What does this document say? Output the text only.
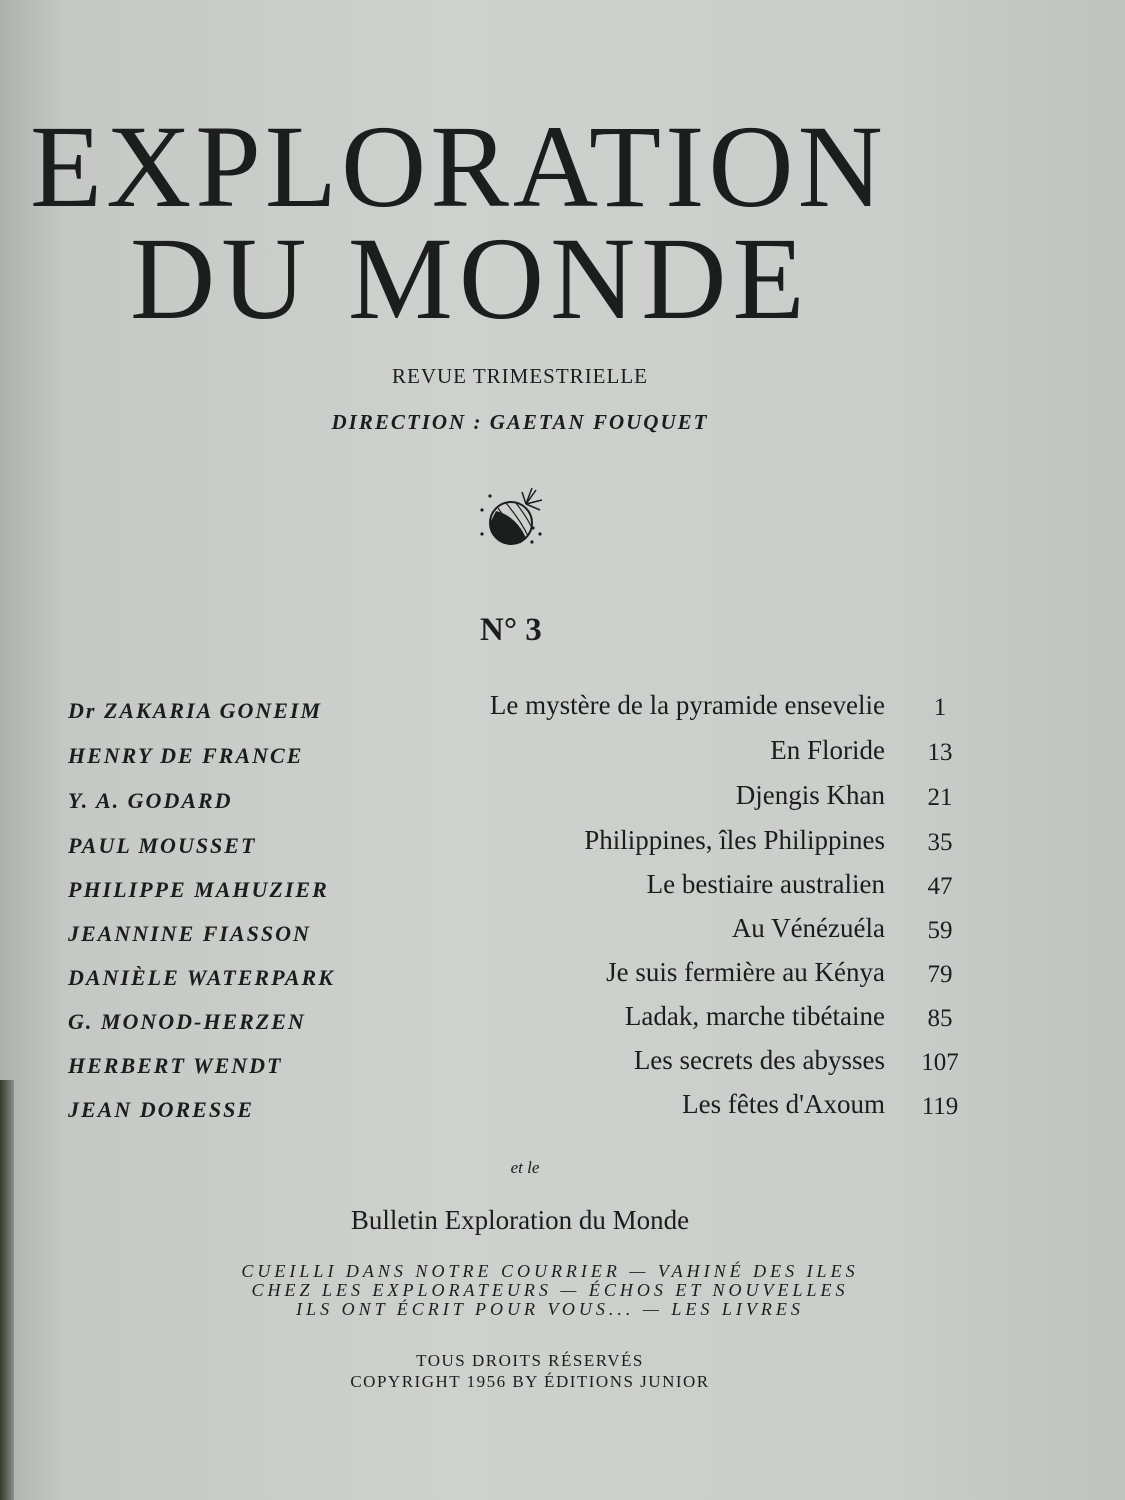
EXPLORATION
DU MONDE
REVUE TRIMESTRIELLE
DIRECTION : GAETAN FOUQUET
N° 3
Dr ZAKARIA GONEIM	Le mystère de la pyramide ensevelie	1
HENRY DE FRANCE	En Floride	13
Y. A. GODARD	Djengis Khan	21
PAUL MOUSSET	Philippines, îles Philippines	35
PHILIPPE MAHUZIER	Le bestiaire australien	47
JEANNINE FIASSON	Au Vénézuéla	59
DANIÈLE WATERPARK	Je suis fermière au Kénya	79
G. MONOD-HERZEN	Ladak, marche tibétaine	85
HERBERT WENDT	Les secrets des abysses	107
JEAN DORESSE	Les fêtes d'Axoum	119
et le
Bulletin Exploration du Monde
CUEILLI DANS NOTRE COURRIER — VAHINÉ DES ILES
CHEZ LES EXPLORATEURS — ÉCHOS ET NOUVELLES
ILS ONT ÉCRIT POUR VOUS... — LES LIVRES
TOUS DROITS RÉSERVÉS
COPYRIGHT 1956 BY ÉDITIONS JUNIOR
